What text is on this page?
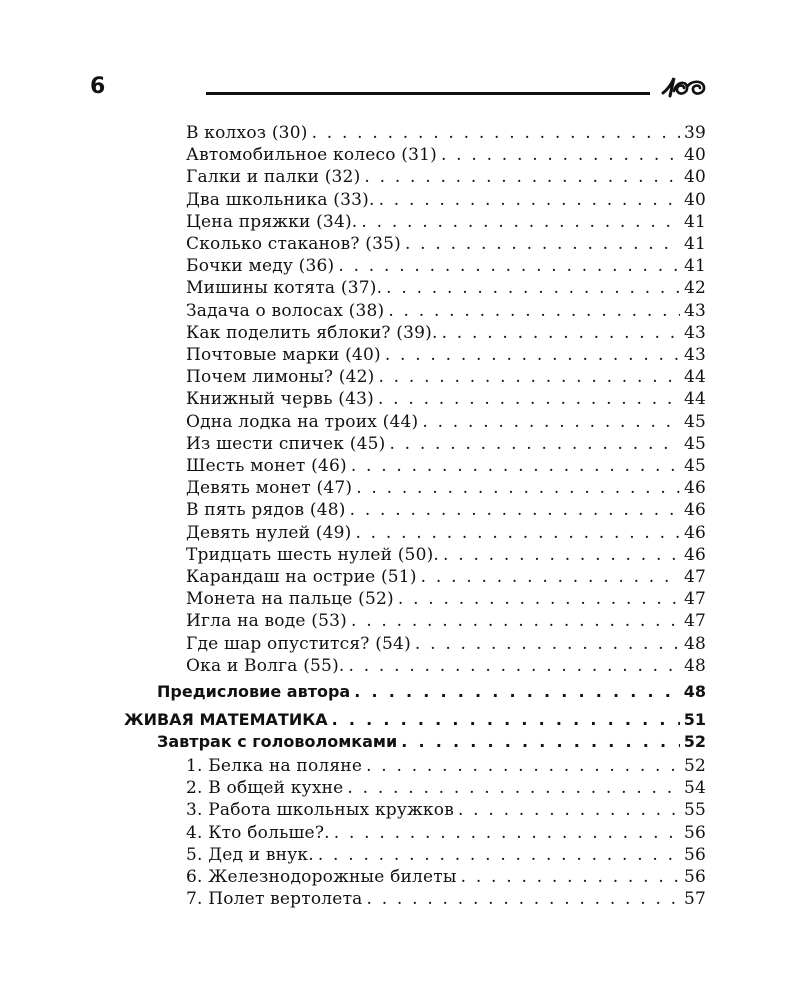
6
В колхоз (30) . . .	39
Автомобильное колесо (31) . . .	40
Галки и палки (32) . . .	40
Два школьника (33). . . .	40
Цена пряжки (34). . . .	41
Сколько стаканов? (35) . . .	41
Бочки меду (36) . . .	41
Мишины котята (37). . . .	42
Задача о волосах (38) . . .	43
Как поделить яблоки? (39). . . .	43
Почтовые марки (40) . . .	43
Почем лимоны? (42) . . .	44
Книжный червь (43) . . .	44
Одна лодка на троих (44) . . .	45
Из шести спичек (45) . . .	45
Шесть монет (46) . . .	45
Девять монет (47) . . .	46
В пять рядов (48) . . .	46
Девять нулей (49) . . .	46
Тридцать шесть нулей (50). . . .	46
Карандаш на острие (51) . . .	47
Монета на пальце (52) . . .	47
Игла на воде (53) . . .	47
Где шар опустится? (54) . . .	48
Ока и Волга (55). . . .	48
Предисловие автора . . .	48
ЖИВАЯ МАТЕМАТИКА . . .	51
Завтрак с головоломками . . .	52
1. Белка на поляне . . .	52
2. В общей кухне . . .	54
3. Работа школьных кружков . . .	55
4. Кто больше?. . . .	56
5. Дед и внук. . . .	56
6. Железнодорожные билеты . . .	56
7. Полет вертолета . . .	57
